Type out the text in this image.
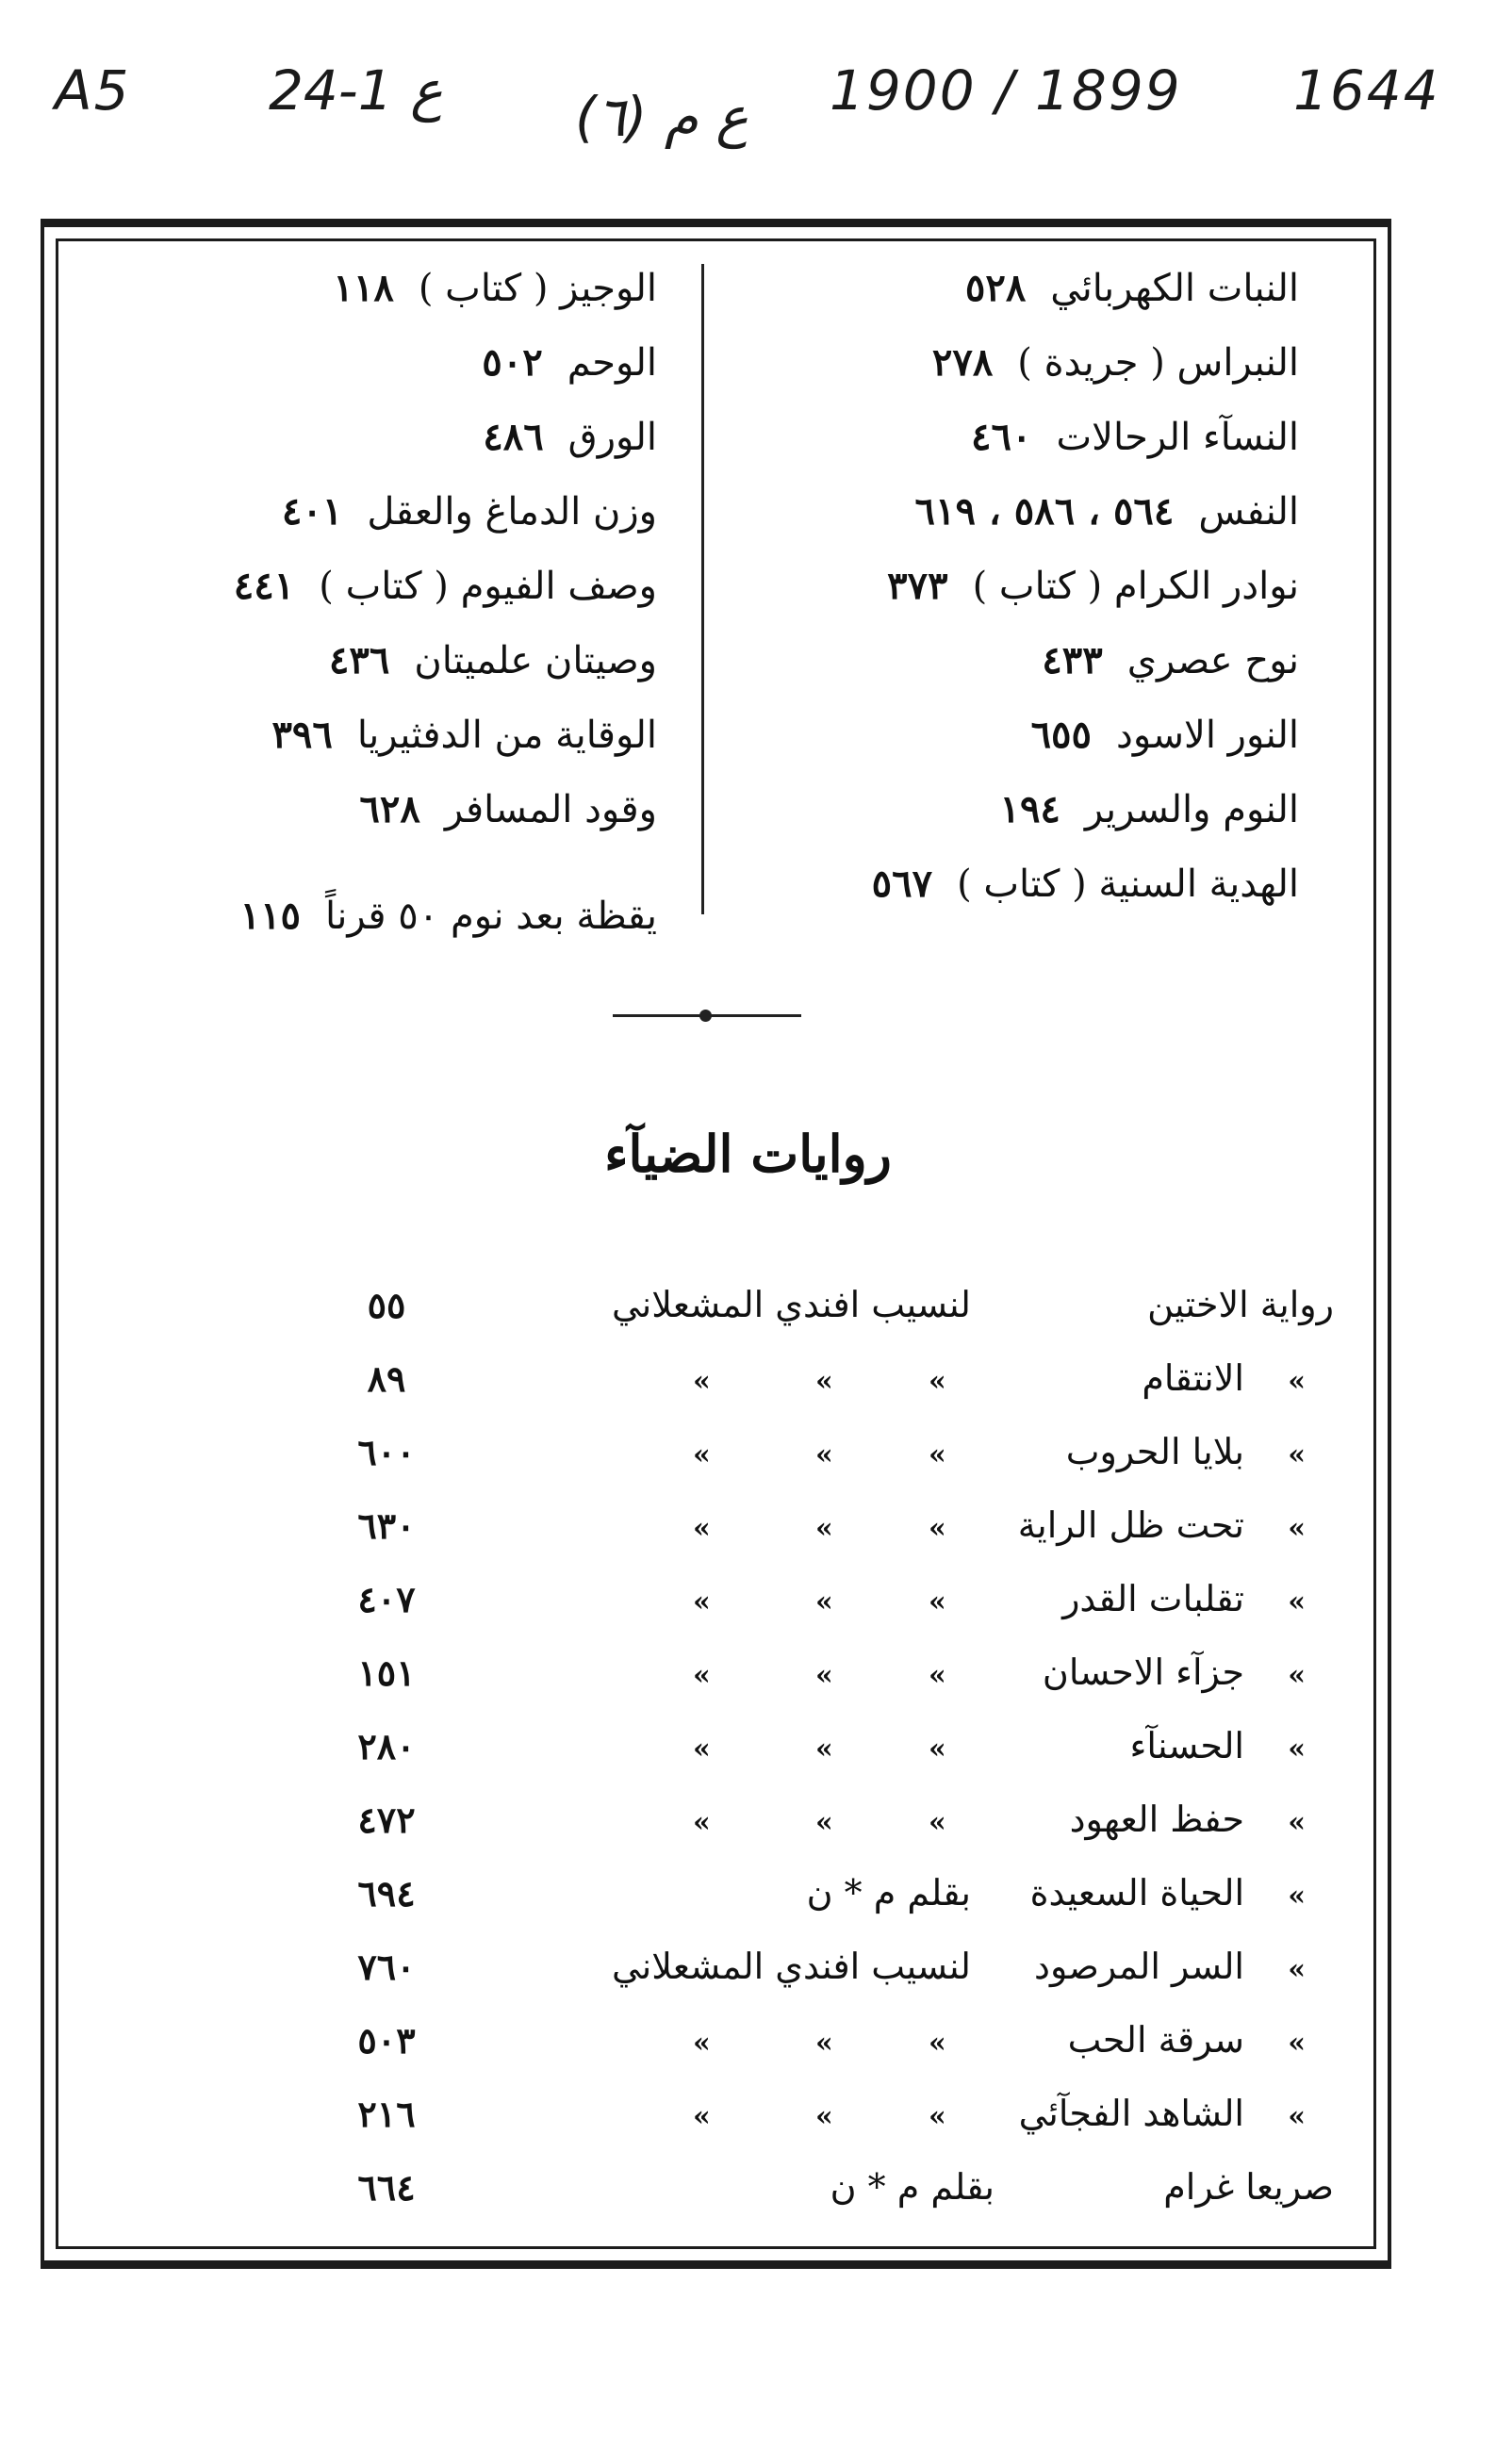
A5	24-1 ع (٦) ع م 1900 / 1899 1644
النبات الكهربائي٥٢٨
النبراس ( جريدة )٢٧٨
النسآء الرحالات٤٦٠
النفس٥٦٤ ، ٥٨٦ ، ٦١٩
نوادر الكرام ( كتاب )٣٧٣
نوح عصري٤٣٣
النور الاسود٦٥٥
النوم والسرير١٩٤
الهدية السنية ( كتاب )٥٦٧
الوجيز ( كتاب )١١٨
الوحم٥٠٢
الورق٤٨٦
وزن الدماغ والعقل٤٠١
وصف الفيوم ( كتاب )٤٤١
وصيتان علميتان٤٣٦
الوقاية من الدفثيريا٣٩٦
وقود المسافر٦٢٨
يقظة بعد نوم ٥٠ قرناً١١٥
روايات الضيآء
رواية الاختين
لنسيب افندي المشعلاني
٥٥
»
الانتقام
»
»
»
٨٩
»
بلايا الحروب
»
»
»
٦٠٠
»
تحت ظل الراية
»
»
»
٦٣٠
»
تقلبات القدر
»
»
»
٤٠٧
»
جزآء الاحسان
»
»
»
١٥١
»
الحسنآء
»
»
»
٢٨٠
»
حفظ العهود
»
»
»
٤٧٢
»
الحياة السعيدة
بقلم م * ن
٦٩٤
»
السر المرصود
لنسيب افندي المشعلاني
٧٦٠
»
سرقة الحب
»
»
»
٥٠٣
»
الشاهد الفجآئي
»
»
»
٢١٦
صريعا غرام
بقلم م * ن
٦٦٤
